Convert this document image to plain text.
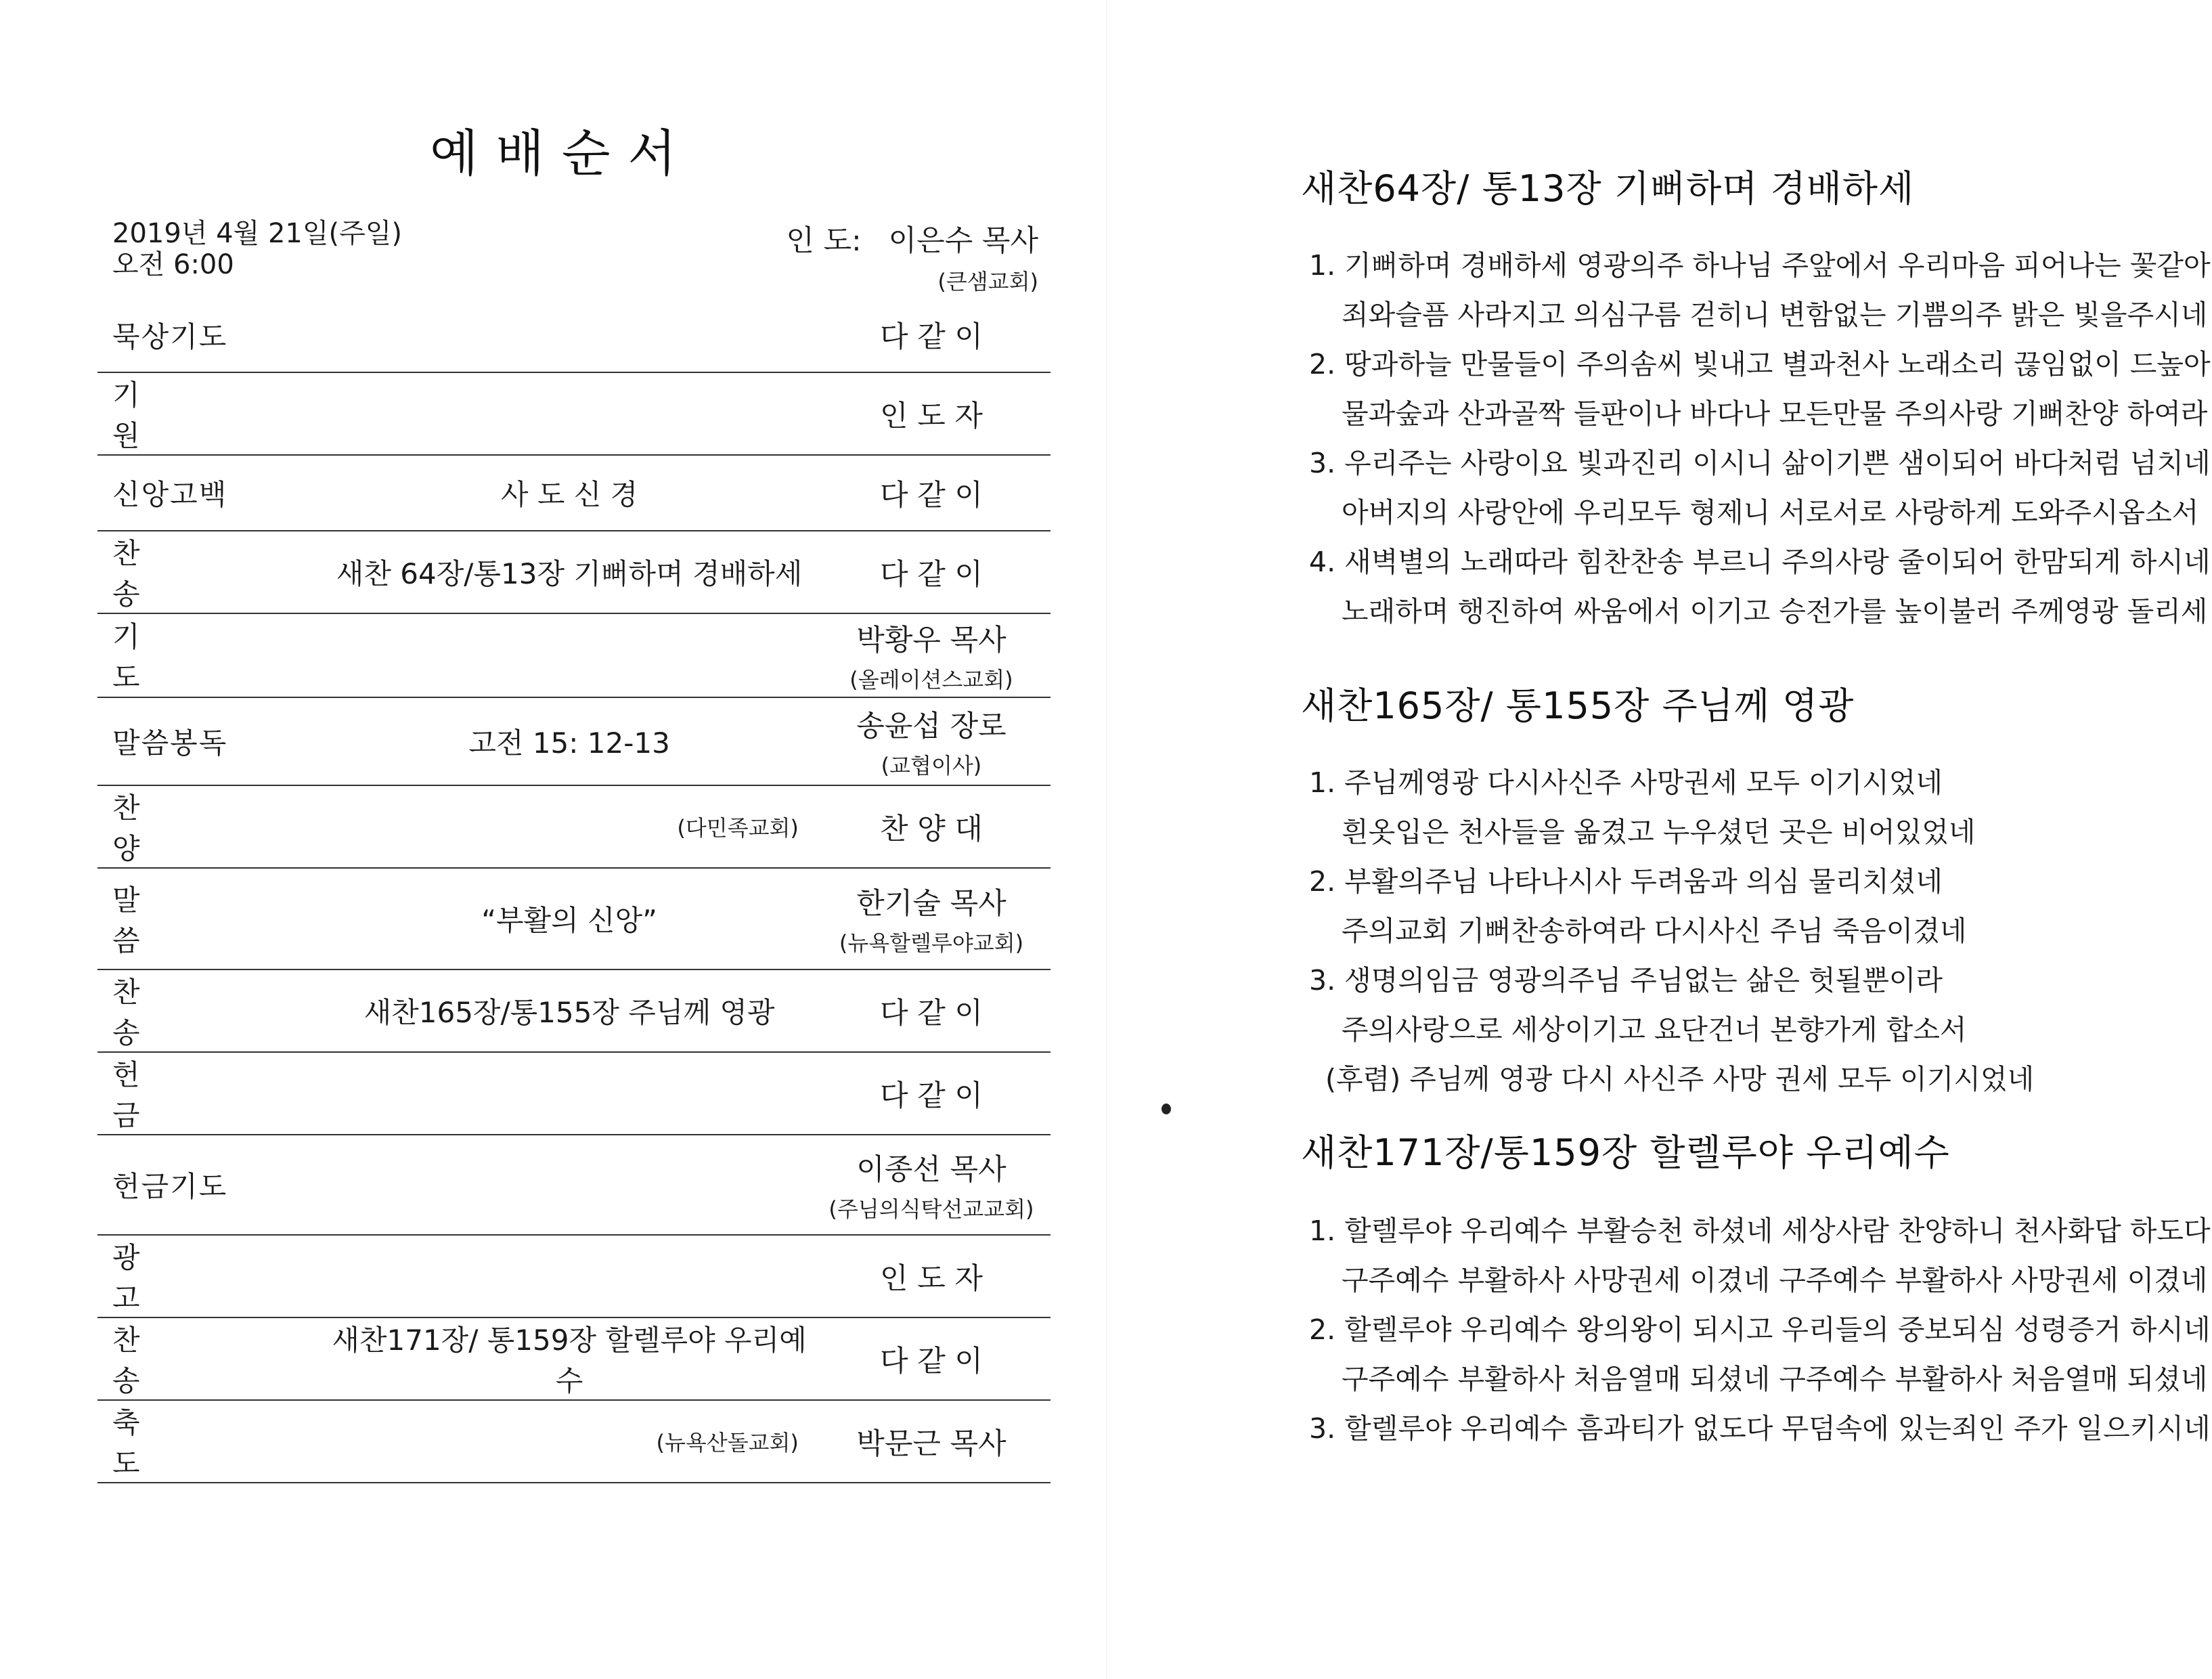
예배순서
2019년 4월 21일(주일)
오전 6:00
인 도: 이은수 목사
(큰샘교회)
묵상기도		다 같 이
기 원		인 도 자
신앙고백	사 도 신 경	다 같 이
찬 송	새찬 64장/통13장 기뻐하며 경배하세	다 같 이
기 도		박황우 목사
(올레이션스교회)

말씀봉독	고전 15: 12-13	송윤섭 장로
(교협이사)

찬 양	(다민족교회)	찬 양 대
말 씀	“부활의 신앙”	한기술 목사
(뉴욕할렐루야교회)

찬 송	새찬165장/통155장 주님께 영광	다 같 이
헌 금		다 같 이
헌금기도		이종선 목사
(주님의식탁선교교회)

광 고		인 도 자
찬 송	새찬171장/ 통159장 할렐루야 우리예수	다 같 이
축 도	(뉴욕산돌교회)	박문근 목사
새찬64장/ 통13장 기뻐하며 경배하세
1. 기뻐하며 경배하세 영광의주 하나님 주앞에서 우리마음 피어나는 꽃같아
죄와슬픔 사라지고 의심구름 걷히니 변함없는 기쁨의주 밝은 빛을주시네
2. 땅과하늘 만물들이 주의솜씨 빛내고 별과천사 노래소리 끊임없이 드높아
물과숲과 산과골짝 들판이나 바다나 모든만물 주의사랑 기뻐찬양 하여라
3. 우리주는 사랑이요 빛과진리 이시니 삶이기쁜 샘이되어 바다처럼 넘치네
아버지의 사랑안에 우리모두 형제니 서로서로 사랑하게 도와주시옵소서
4. 새벽별의 노래따라 힘찬찬송 부르니 주의사랑 줄이되어 한맘되게 하시네
노래하며 행진하여 싸움에서 이기고 승전가를 높이불러 주께영광 돌리세
새찬165장/ 통155장 주님께 영광
1. 주님께영광 다시사신주 사망권세 모두 이기시었네
흰옷입은 천사들을 옮겼고 누우셨던 곳은 비어있었네
2. 부활의주님 나타나시사 두려움과 의심 물리치셨네
주의교회 기뻐찬송하여라 다시사신 주님 죽음이겼네
3. 생명의임금 영광의주님 주님없는 삶은 헛될뿐이라
주의사랑으로 세상이기고 요단건너 본향가게 합소서
(후렴) 주님께 영광 다시 사신주 사망 권세 모두 이기시었네
새찬171장/통159장 할렐루야 우리예수
1. 할렐루야 우리예수 부활승천 하셨네 세상사람 찬양하니 천사화답 하도다
구주예수 부활하사 사망권세 이겼네 구주예수 부활하사 사망권세 이겼네
2. 할렐루야 우리예수 왕의왕이 되시고 우리들의 중보되심 성령증거 하시네
구주예수 부활하사 처음열매 되셨네 구주예수 부활하사 처음열매 되셨네
3. 할렐루야 우리예수 흠과티가 없도다 무덤속에 있는죄인 주가 일으키시네
